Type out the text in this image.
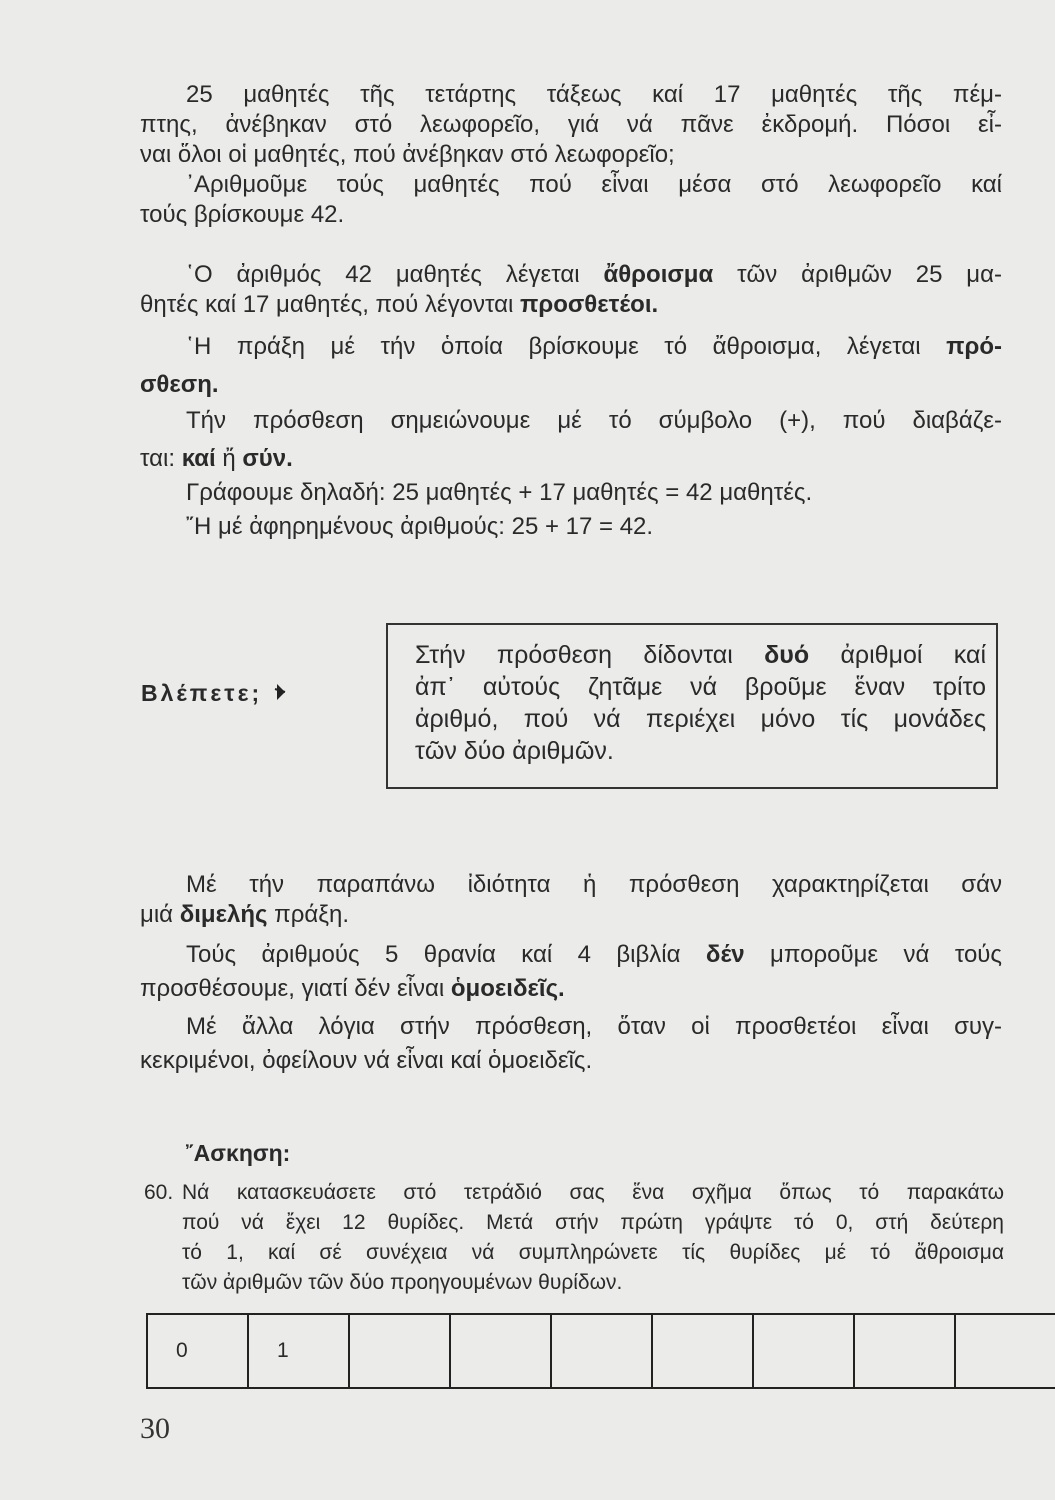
25 μαθητές τῆς τετάρτης τάξεως καί 17 μαθητές τῆς πέμ-
πτης, ἀνέβηκαν στό λεωφορεῖο, γιά νά πᾶνε ἐκδρομή. Πόσοι εἶ-
ναι ὅλοι οἱ μαθητές, πού ἀνέβηκαν στό λεωφορεῖο;
᾽Αριθμοῦμε τούς μαθητές πού εἶναι μέσα στό λεωφορεῖο καί
τούς βρίσκουμε 42.
῾Ο ἀριθμός 42 μαθητές λέγεται ἄθροισμα τῶν ἀριθμῶν 25 μα-
θητές καί 17 μαθητές, πού λέγονται προσθετέοι.
῾Η πράξη μέ τήν ὁποία βρίσκουμε τό ἄθροισμα, λέγεται πρό-
σθεση.
Τήν πρόσθεση σημειώνουμε μέ τό σύμβολο (+), πού διαβάζε-
ται: καί ἤ σύν.
Γράφουμε δηλαδή: 25 μαθητές + 17 μαθητές = 42 μαθητές.
῎Η μέ ἀφηρημένους ἀριθμούς: 25 + 17 = 42.
Βλέπετε;
Στήν πρόσθεση δίδονται δυό ἀριθμοί καί
ἀπ᾽ αὐτούς ζητᾶμε νά βροῦμε ἕναν τρίτο
ἀριθμό, πού νά περιέχει μόνο τίς μονάδες
τῶν δύο ἀριθμῶν.
Μέ τήν παραπάνω ἰδιότητα ἡ πρόσθεση χαρακτηρίζεται σάν
μιά διμελής πράξη.
Τούς ἀριθμούς 5 θρανία καί 4 βιβλία δέν μποροῦμε νά τούς
προσθέσουμε, γιατί δέν εἶναι ὁμοειδεῖς.
Μέ ἄλλα λόγια στήν πρόσθεση, ὅταν οἱ προσθετέοι εἶναι συγ-
κεκριμένοι, ὀφείλουν νά εἶναι καί ὁμοειδεῖς.
῎Ασκηση:
60. Νά κατασκευάσετε στό τετράδιό σας ἕνα σχῆμα ὅπως τό παρακάτω
πού νά ἔχει 12 θυρίδες. Μετά στήν πρώτη γράψτε τό 0, στή δεύτερη
τό 1, καί σέ συνέχεια νά συμπληρώνετε τίς θυρίδες μέ τό ἄθροισμα
τῶν ἀριθμῶν τῶν δύο προηγουμένων θυρίδων.
0	1										
30
